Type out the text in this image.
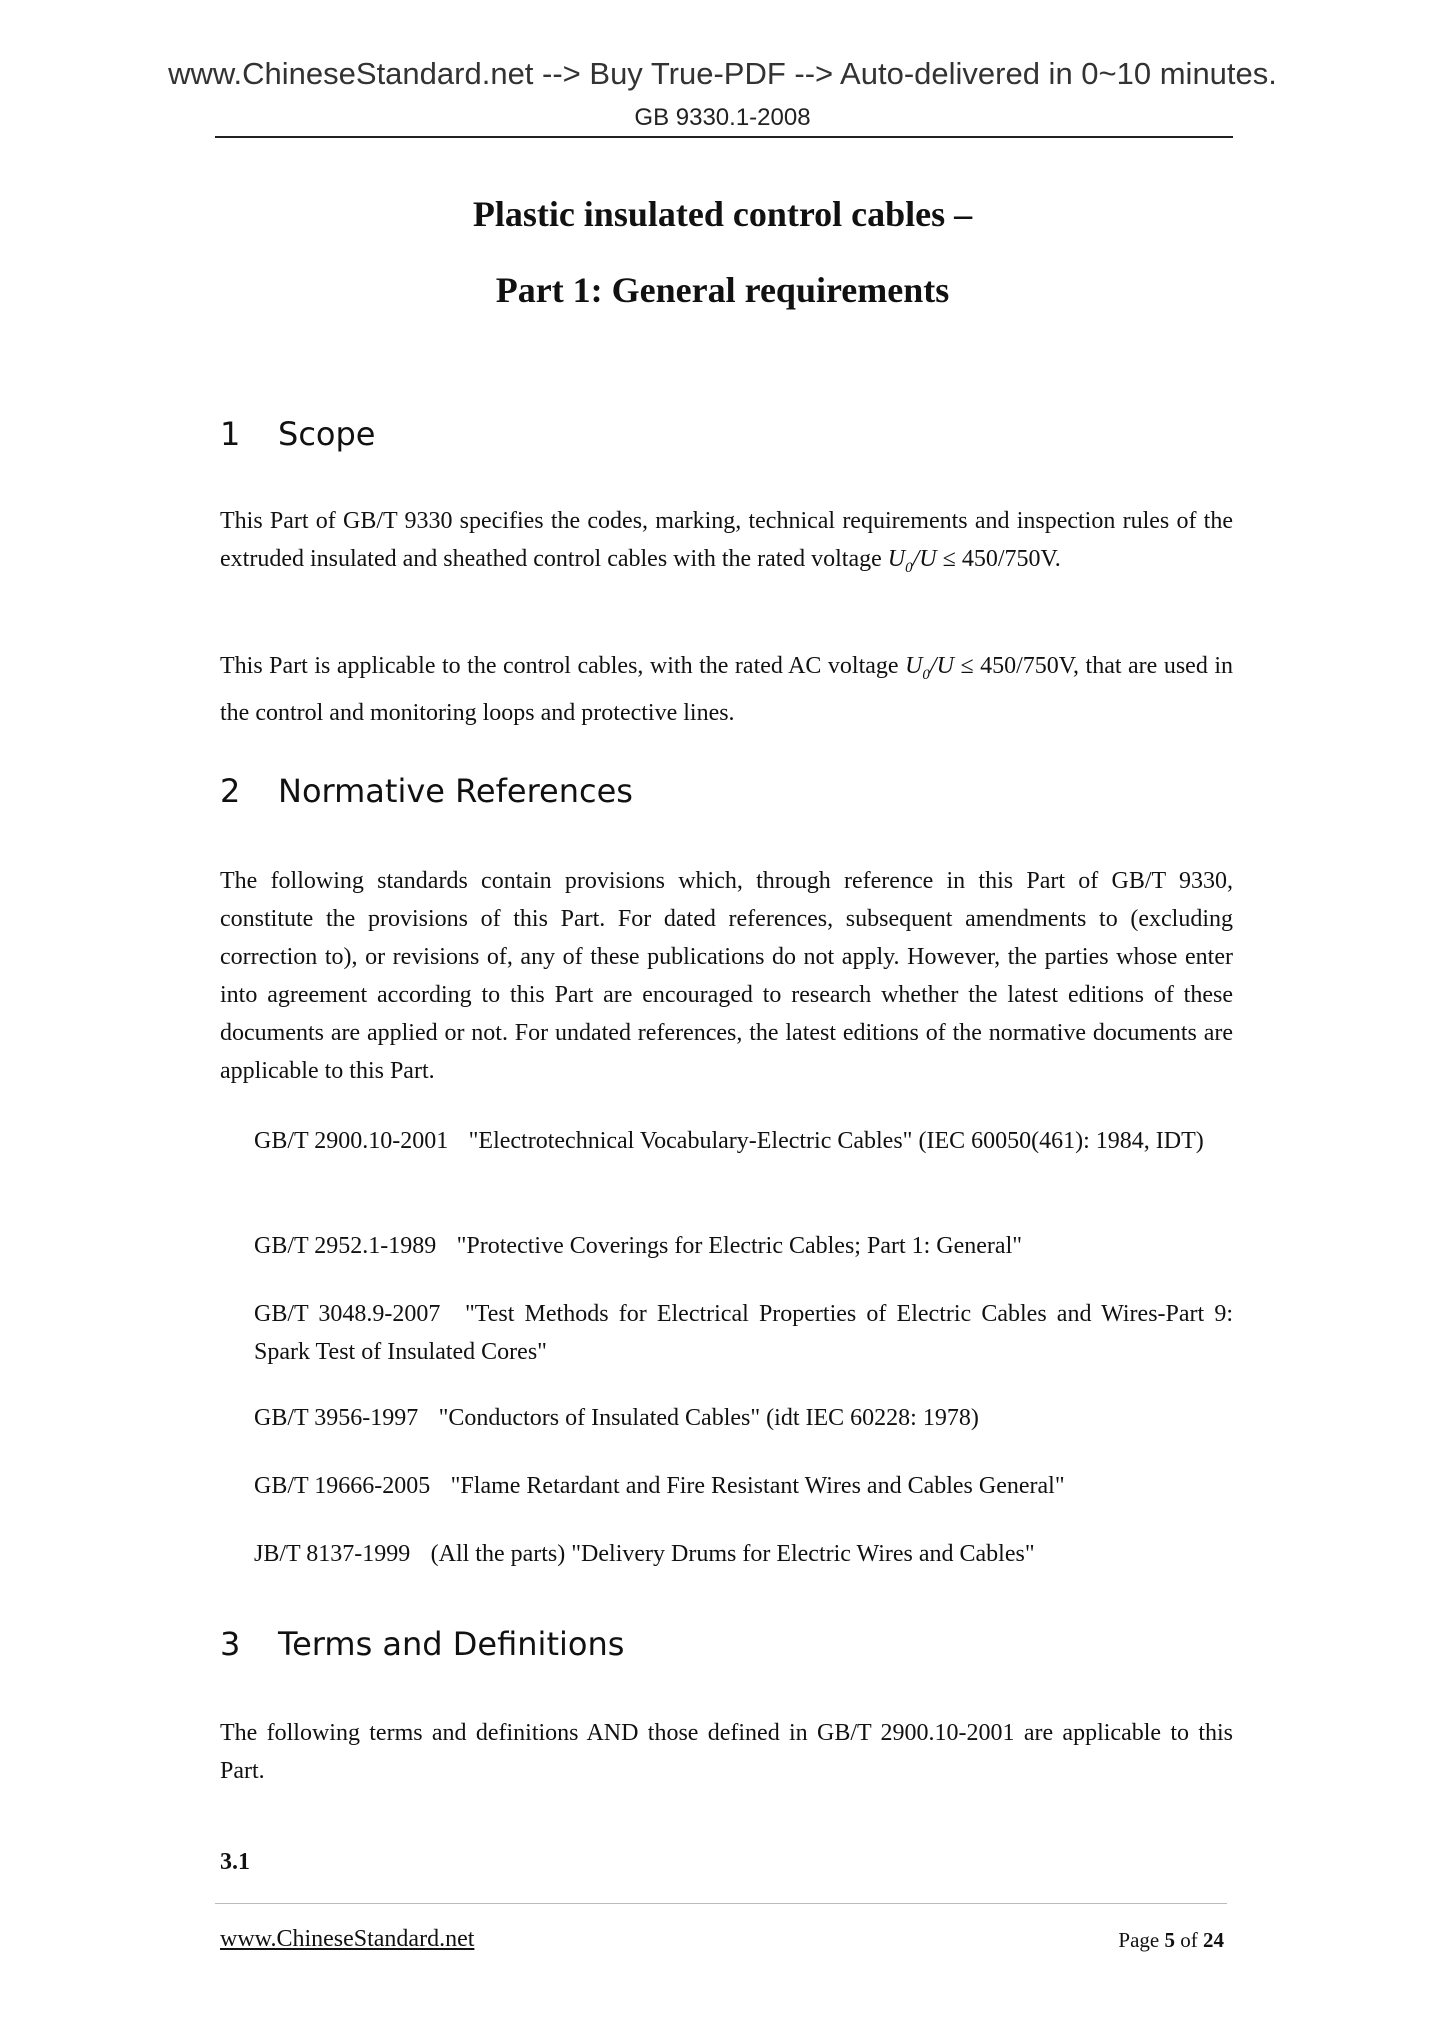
www.ChineseStandard.net --> Buy True-PDF --> Auto-delivered in 0~10 minutes.
GB 9330.1-2008
Plastic insulated control cables –
Part 1: General requirements
1 Scope
This Part of GB/T 9330 specifies the codes, marking, technical requirements and inspection rules of the extruded insulated and sheathed control cables with the rated voltage $U_0/U \le 450/750V$.
This Part is applicable to the control cables, with the rated AC voltage $U_0/U \le 450/750V$, that are used in the control and monitoring loops and protective lines.
2 Normative References
The following standards contain provisions which, through reference in this Part of GB/T 9330, constitute the provisions of this Part. For dated references, subsequent amendments to (excluding correction to), or revisions of, any of these publications do not apply. However, the parties whose enter into agreement according to this Part are encouraged to research whether the latest editions of these documents are applied or not. For undated references, the latest editions of the normative documents are applicable to this Part.
GB/T 2900.10-2001 "Electrotechnical Vocabulary-Electric Cables" (IEC 60050(461): 1984, IDT)
GB/T 2952.1-1989 "Protective Coverings for Electric Cables; Part 1: General"
GB/T 3048.9-2007 "Test Methods for Electrical Properties of Electric Cables and Wires-Part 9: Spark Test of Insulated Cores"
GB/T 3956-1997 "Conductors of Insulated Cables" (idt IEC 60228: 1978)
GB/T 19666-2005 "Flame Retardant and Fire Resistant Wires and Cables General"
JB/T 8137-1999 (All the parts) "Delivery Drums for Electric Wires and Cables"
3 Terms and Definitions
The following terms and definitions AND those defined in GB/T 2900.10-2001 are applicable to this Part.
3.1
www.ChineseStandard.net	Page 5 of 24
